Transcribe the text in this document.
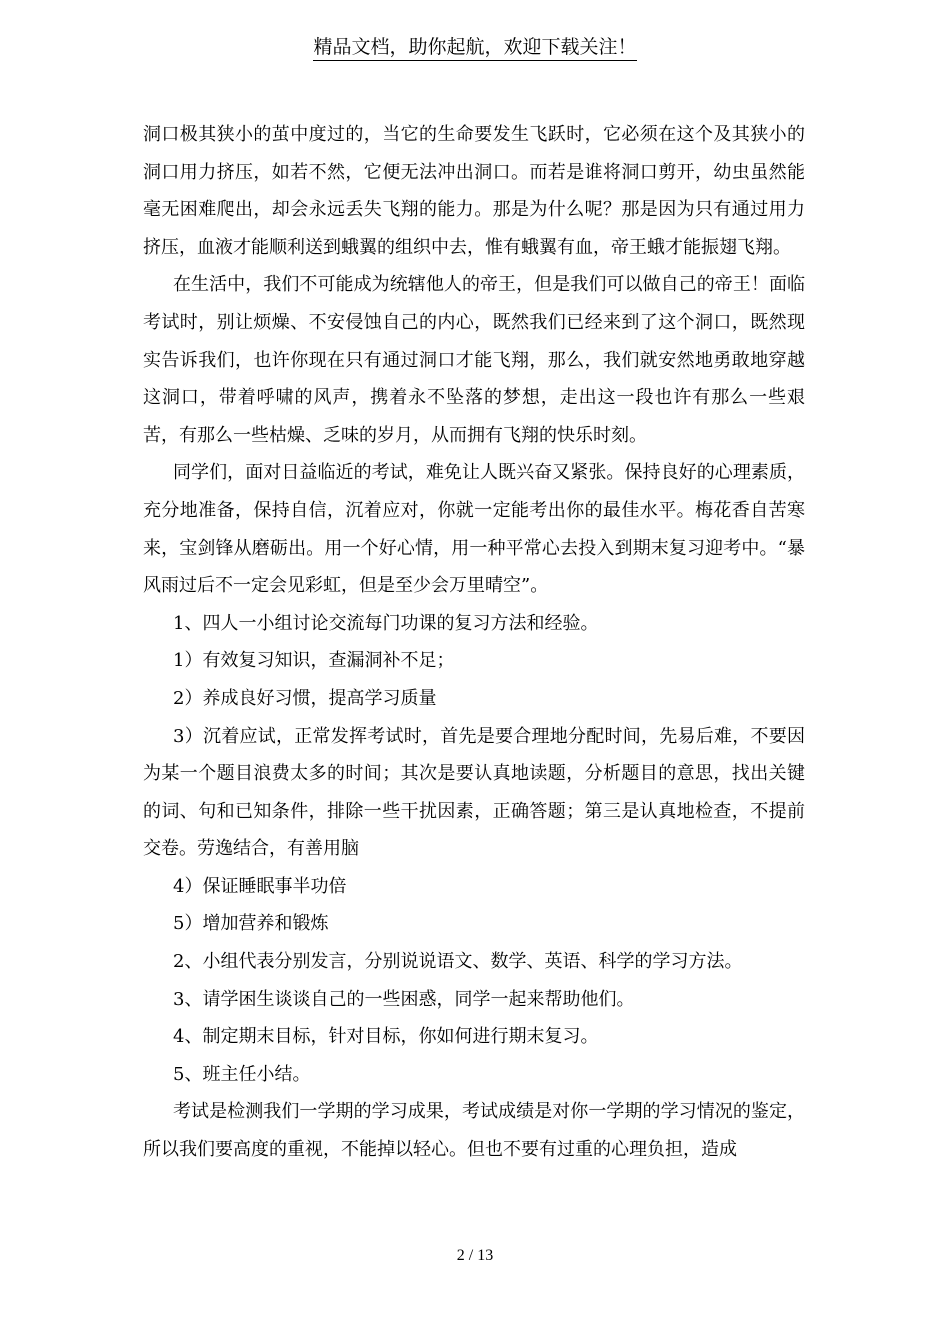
精品文档，助你起航，欢迎下载关注！

洞口极其狭小的茧中度过的，当它的生命要发生飞跃时，它必须在这个及其狭小的洞口用力挤压，如若不然，它便无法冲出洞口。而若是谁将洞口剪开，幼虫虽然能毫无困难爬出，却会永远丢失飞翔的能力。那是为什么呢？那是因为只有通过用力挤压，血液才能顺利送到蛾翼的组织中去，惟有蛾翼有血，帝王蛾才能振翅飞翔。

在生活中，我们不可能成为统辖他人的帝王，但是我们可以做自己的帝王！面临考试时，别让烦燥、不安侵蚀自己的内心，既然我们已经来到了这个洞口，既然现实告诉我们，也许你现在只有通过洞口才能飞翔，那么，我们就安然地勇敢地穿越这洞口，带着呼啸的风声，携着永不坠落的梦想，走出这一段也许有那么一些艰苦，有那么一些枯燥、乏味的岁月，从而拥有飞翔的快乐时刻。

同学们，面对日益临近的考试，难免让人既兴奋又紧张。保持良好的心理素质，充分地准备，保持自信，沉着应对，你就一定能考出你的最佳水平。梅花香自苦寒来，宝剑锋从磨砺出。用一个好心情，用一种平常心去投入到期末复习迎考中。“暴风雨过后不一定会见彩虹，但是至少会万里晴空”。

1、四人一小组讨论交流每门功课的复习方法和经验。

1）有效复习知识，查漏洞补不足；

2）养成良好习惯，提高学习质量

3）沉着应试，正常发挥考试时，首先是要合理地分配时间，先易后难，不要因为某一个题目浪费太多的时间；其次是要认真地读题，分析题目的意思，找出关键的词、句和已知条件，排除一些干扰因素，正确答题；第三是认真地检查，不提前交卷。劳逸结合，有善用脑

4）保证睡眠事半功倍

5）增加营养和锻炼

2、小组代表分别发言，分别说说语文、数学、英语、科学的学习方法。

3、请学困生谈谈自己的一些困惑，同学一起来帮助他们。

4、制定期末目标，针对目标，你如何进行期末复习。

5、班主任小结。

考试是检测我们一学期的学习成果，考试成绩是对你一学期的学习情况的鉴定，所以我们要高度的重视，不能掉以轻心。但也不要有过重的心理负担，造成

2 / 13
